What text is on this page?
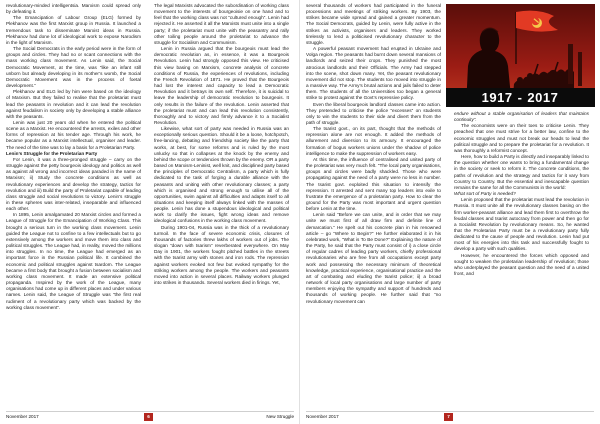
revolutionary-minded intelligentsia. Marxism could spread only by defeating it.

The Emancipation of Labour Group (ELG) formed by Plekhanov was the first Marxist group in Russia. It launched a tremendous task to disseminate Marxist ideas in Russia. Plekhanov had done lot of ideological work to expose Narodism in the light of Marxism.

The Social Democrats in the early period were in the form of groups and circles. They had no or scant connections with the mass working class movement. As Lenin said, the Social Democratic Movement, at the time, was “like an infant still unborn but already developing in its mother’s womb, the Social Democratic Movement was in the process of foetal development.”

Plekhanov and ELG led by him were based on the ideology of Marxism. But they failed to realise that the proletariat must lead the peasants in revolution and it can lead the revolution against feudalism in society only by developing a stable alliance with the peasants.

Lenin was just 20 years old when he entered the political scene as a Marxist. He encountered the arrests, exiles and other forms of repression at his tender age. Through his work, he became popular as a Marxist intellectual, organiser and leader. The need of the time was to lay a basis for a Proletarian Party.

Lenin’s Struggle for the Proletarian Party

For Lenin, it was a three-pronged struggle – carry on the struggle against the petty bourgeois ideology and politics as well as against all wrong and incorrect ideas paraded in the name of Marxism; ii) Study the concrete conditions as well as revolutionary experiences and develop the strategy, tactics for revolution and iii) Build the party of Proletariat capable of leading class struggle and social revolutions to victory. Lenin’s struggle in these spheres was inter-related, inseparable and influenced each other.

In 1895, Lenin amalgamated 20 Marxist circles and formed a League of Struggle for the Emancipation of Working Class. This brought a serious turn in the working class movement. Lenin guided the League not to confine to a few intellectuals but to go extensively among the workers and move them into class and political struggles. The League had, in reality, moved the millions into struggles. In no time, the League had emerged as an important force in the Russian political life. It combined the economic and political struggles against tsardom. The League became a first body that brought a fusion between socialism and working class movement. It made an extensive political propaganda. Inspired by the work of the League, many organisations had come up in different places and under various names. Lenin said, the League of Struggle was “the first real rudiment of a revolutionary party which was backed by the working class movement”.

The legal Marxists advocated the subordination of working class movement to the interests of bourgeoisie on one hand and to feel that the working class was not “cultured enough”. Lenin had rejected it. He asserted it all the Marxists must unite into a single party; if the proletariat must unite with the peasantry and rally other toiling people around the proletariat to advance the struggle for Socialism and Communism.

Lenin in Russia argued that the bourgeois must lead the democratic revolution as, in essence, it was a Bourgeois Revolution. Lenin had strongly opposed this view. He criticised this view basing on Marxism, concrete analysis of concrete conditions of Russia, the experiences of revolutions, including the French Revolution of 1871. He proved that the Bourgeois had lost the interest and capacity to lead a Democratic Revolution and it betrays its own self. Therefore, it is suicidal to leave the leadership of democratic revolution to bourgeois. It only results in the failure of the revolution. Lenin asserted that the proletariat must and can lead this revolution consistently, thoroughly and to victory and firmly advance it to a Socialist Revolution.

Likewise, what sort of party was needed in Russia was an exceptionally serious question. Should it be a loose, hotchpotch, free-lancing, debating and friendship society like the party that works, at best, for some reforms and is ruled by the most unlucky so that in collapses at the knock by the enemy and behind the scope or tendencies thrown by the enemy. OR a party based on Marxism-Leninist, well knit, and disciplined party based the principles of Democratic Centralism, a party which is fully dedicated to the task of forging a durable alliance with the peasants and uniting with other revolutionary classes; a party which is organised and strong enough to utilise all of the opportunities, swim against all difficulties and adapts itself to all situations and keeping itself always linked with the masses of people. Lenin has done a stupendous ideological and political work to clarify the issues, fight wrong ideas and remove ideological confusions in the working class movement.

During 1901-04, Russia was in the thick of a revolutionary turmoil. In the face of severe economic crisis, closures of thousands of factories threw lakhs of workers out of jobs. The slogan “down with tsarism” reverberated everywhere. On May Day in 1901, the workers fought pitched battles in the streets with the tsarist army with stones and iron rods. The repression against workers evoked not few but evoked sympathy for the striking workers among the people. The workers and peasants moved into action in several places. Railway workers plunged into strikes in thousands. Several workers died in firings. Yet,

November 2017	6	New Struggle

several thousands of workers had participated in the funeral processions and meetings of striking workers. By 1903, the strikes became wide spread and gained a greater momentum. The Social Democrats, guided by Lenin, were fully active in the strikes as activists, organisers and leaders. They worked tirelessly to lend a politicised revolutionary character to the struggle.

A powerful peasant movement had erupted in Ukraine and Volga region. The peasants had burnt down several mansions of landlords and seized their crops. They punished the most atrocious landlords and their Officials. The Army had stepped into the scene, shot down many. Yet, the peasant revolutionary movement did not stop. The students too moved into struggle in a massive way. The Army’s brutal actions and jails failed to deter them. The students of all the Universities too began a general strike to protest against the Govt’s repressive policy.

Even the liberal bourgeois landlord classes came into action. They pretended to criticise the police “excesses” on students only to win the students to their side and divert them from the path of struggle.

The tsarist govt., on its part, thought that the methods of repression alone are not enough. It added the methods of allurement and diversion to its armoury. It encouraged the formation of bogus workers unions under the shadow of police intelligence to make the suppression of workers easy.

At this time, the influence of centralised and united party of the proletariat was very much felt. “The local party organisations, groups and circles were badly shackled. Those who were propagating against the need of a party were no less in number. The tsarist govt. exploited this situation to intensify the repression. It arrested and sent many top leaders into exile to frustrate the emergence of a proletarian party. How to clear the ground for the Party was most important and urgent question before Lenin at the time.

Lenin said “Before we can unite, and in order that we may unite we must first of all draw firm and definite line of demarcation.” He spelt out his concrete plan in his renowned article – go “Where to Begin?” He further elaborated it in his celebrated work, “What is To Be Done?” Explaining the nature of the Party, he said that the Party must consist of i) a close circle of regular cadres of leading party workers, chiefly professional revolutionaries who are free from all occupations except party work and possessing the necessary minimum of theoretical knowledge, practical experience, organisational practice and the art of combating and eluding the tsarist police; ii) a broad network of local party organisations and large number of party members enjoying the sympathy and support of hundreds and thousands of working people. He further said that “no revolutionary movement can

1917 - 2017

endure without a stable organisation of leaders that maintains continuity”.

The economists were on their toes to criticise Lenin. They preached that one must strive for a better law, confine to the economic struggles and must not break our heads to lead the political struggle and to prepare the proletariat for a revolution. It was thoroughly a reformist concept.

Here, how to build a Party is directly and inseparably linked to the question whether one wants to bring a fundamental change in the society or seek to reform it. The concrete conditions, the paths of revolution and the strategy and tactics for it vary from Country to Country. But the essential and inescapable question remains the same for all the Communists in the world:

What sort of Party is needed?

Lenin proposed that the proletariat must lead the revolution in Russia. It must unite all the revolutionary classes basing on the firm worker-peasant alliance and lead them first to overthrow the feudal classes and tsarist autocracy from power and then go for a Socialist Revolution by revolutionary means. So, he wanted that the Proletarian Party must be a revolutionary party fully dedicated to the cause of people and revolution. Lenin had put most of his energies into this task and successfully fought to develop a party with such qualities.

However, he encountered the forces which opposed and sought to weaken the proletarian leadership of revolution; those who underplayed the peasant question and the need of a united front, and

November 2017	7
